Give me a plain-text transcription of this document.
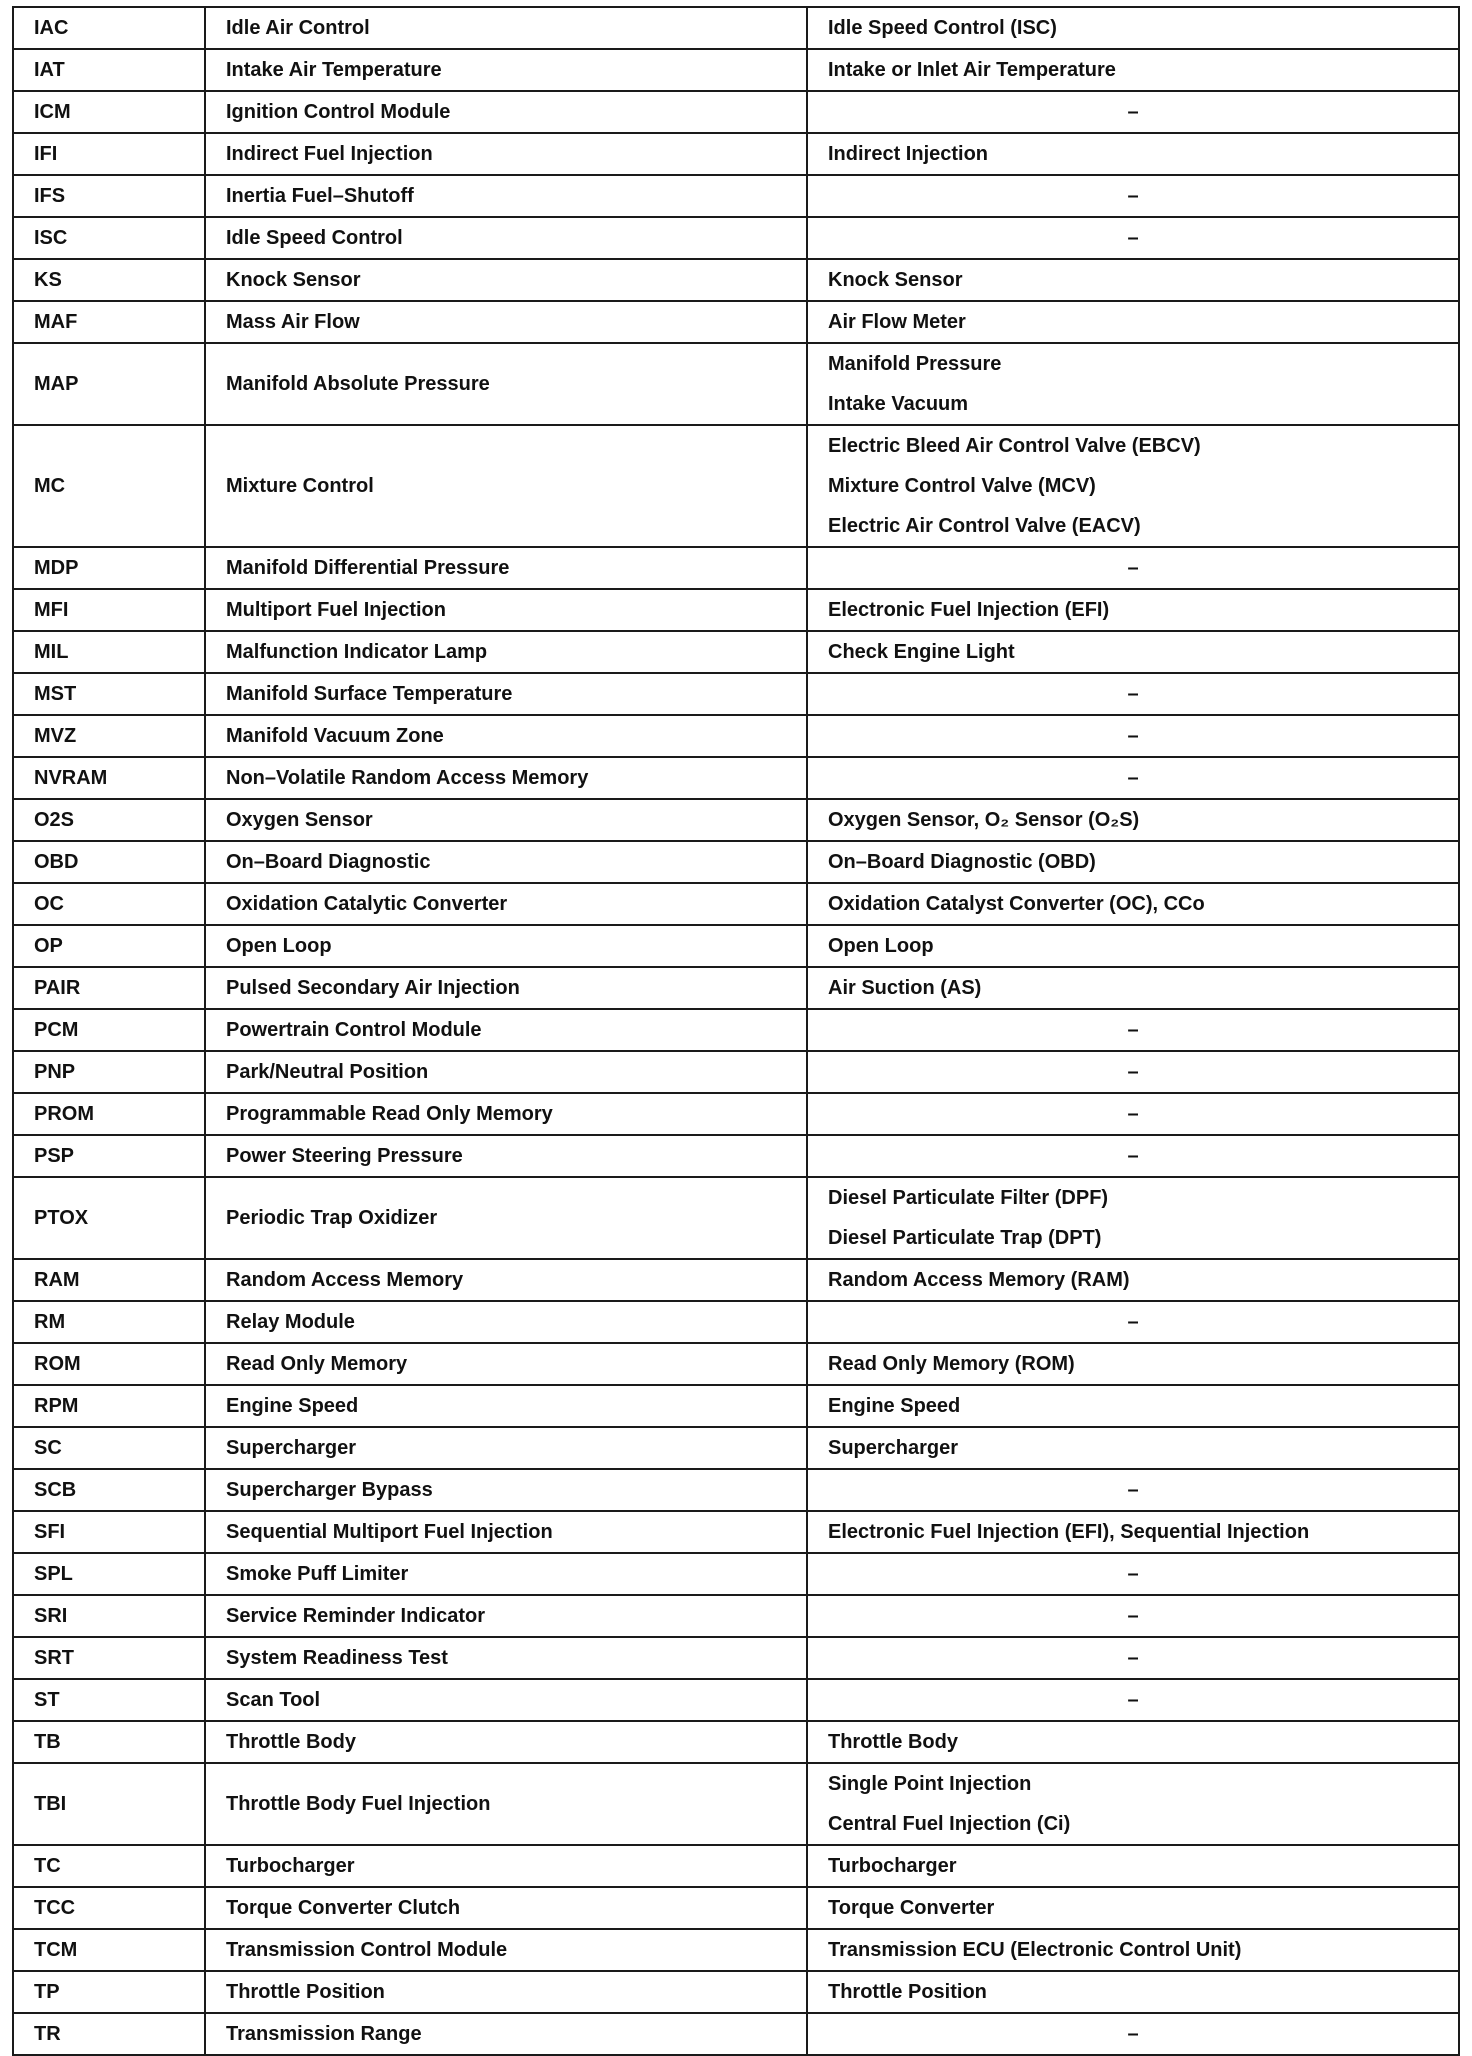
IAC	Idle Air Control	Idle Speed Control (ISC)

IAT	Intake Air Temperature	Intake or Inlet Air Temperature

ICM	Ignition Control Module	–

IFI	Indirect Fuel Injection	Indirect Injection

IFS	Inertia Fuel–Shutoff	–

ISC	Idle Speed Control	–

KS	Knock Sensor	Knock Sensor

MAF	Mass Air Flow	Air Flow Meter

MAP	Manifold Absolute Pressure	Manifold Pressure
Intake Vacuum

MC	Mixture Control	Electric Bleed Air Control Valve (EBCV)
Mixture Control Valve (MCV)
Electric Air Control Valve (EACV)

MDP	Manifold Differential Pressure	–

MFI	Multiport Fuel Injection	Electronic Fuel Injection (EFI)

MIL	Malfunction Indicator Lamp	Check Engine Light

MST	Manifold Surface Temperature	–

MVZ	Manifold Vacuum Zone	–

NVRAM	Non–Volatile Random Access Memory	–

O2S	Oxygen Sensor	Oxygen Sensor, O₂ Sensor (O₂S)

OBD	On–Board Diagnostic	On–Board Diagnostic (OBD)

OC	Oxidation Catalytic Converter	Oxidation Catalyst Converter (OC), CCo

OP	Open Loop	Open Loop

PAIR	Pulsed Secondary Air Injection	Air Suction (AS)

PCM	Powertrain Control Module	–

PNP	Park/Neutral Position	–

PROM	Programmable Read Only Memory	–

PSP	Power Steering Pressure	–

PTOX	Periodic Trap Oxidizer	Diesel Particulate Filter (DPF)
Diesel Particulate Trap (DPT)

RAM	Random Access Memory	Random Access Memory (RAM)

RM	Relay Module	–

ROM	Read Only Memory	Read Only Memory (ROM)

RPM	Engine Speed	Engine Speed

SC	Supercharger	Supercharger

SCB	Supercharger Bypass	–

SFI	Sequential Multiport Fuel Injection	Electronic Fuel Injection (EFI), Sequential Injection

SPL	Smoke Puff Limiter	–

SRI	Service Reminder Indicator	–

SRT	System Readiness Test	–

ST	Scan Tool	–

TB	Throttle Body	Throttle Body

TBI	Throttle Body Fuel Injection	Single Point Injection
Central Fuel Injection (Ci)

TC	Turbocharger	Turbocharger

TCC	Torque Converter Clutch	Torque Converter

TCM	Transmission Control Module	Transmission ECU (Electronic Control Unit)

TP	Throttle Position	Throttle Position

TR	Transmission Range	–
